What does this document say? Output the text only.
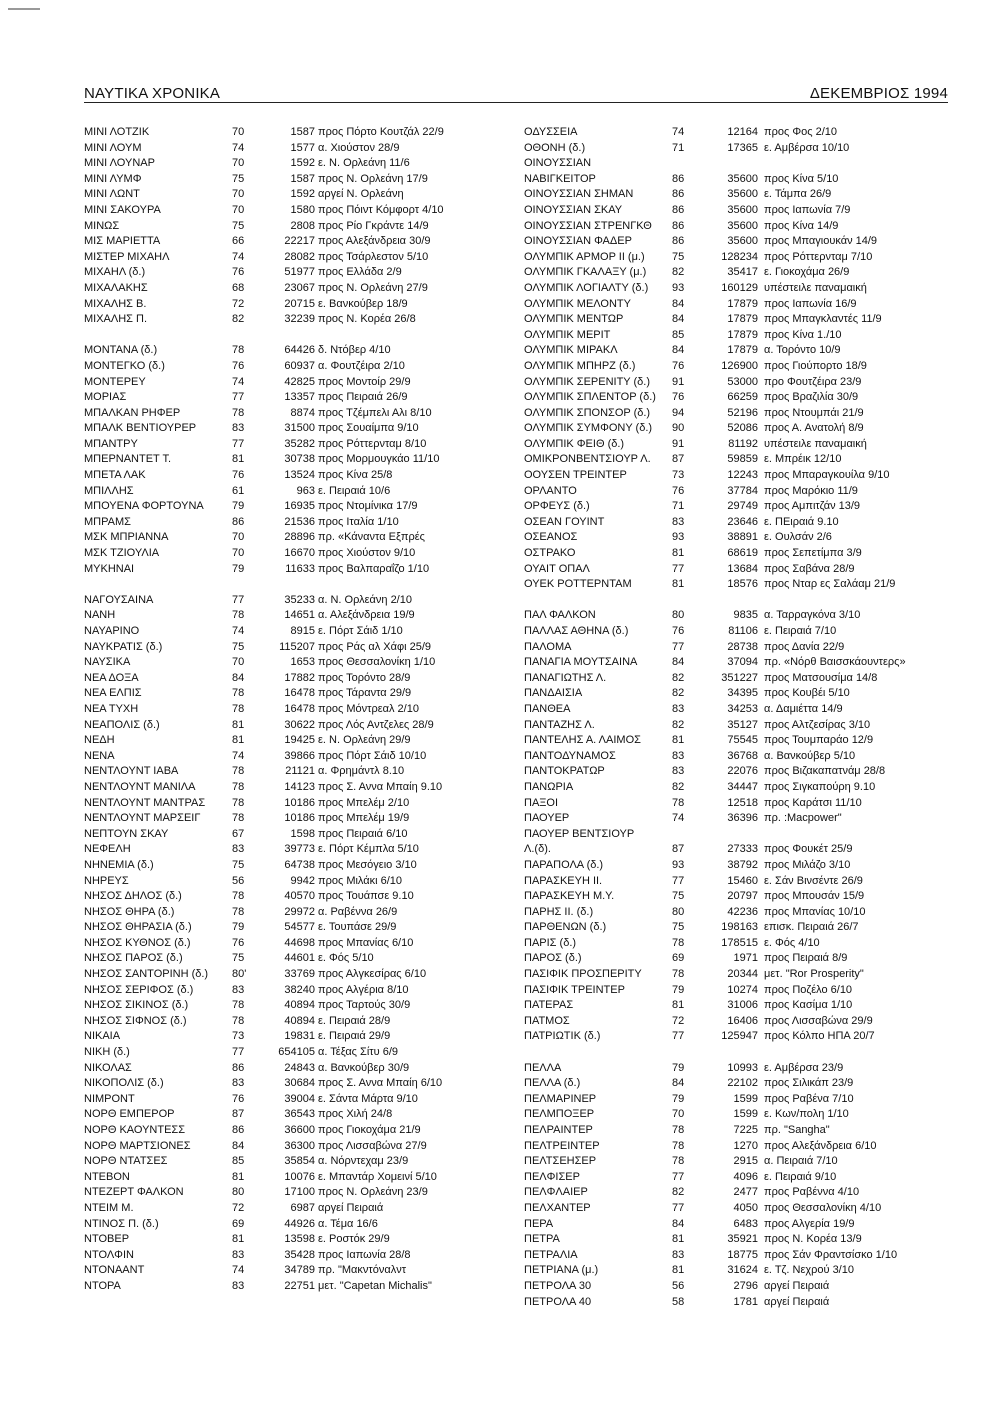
ΝΑΥΤΙΚΑ ΧΡΟΝΙΚΑ	ΔΕΚΕΜΒΡΙΟΣ 1994
ΜΙΝΙ ΛΟΤΖΙΚ	70	1587 προς Πόρτο Κουτζάλ 22/9
ΜΙΝΙ ΛΟΥΜ	74	1577 α. Χιούστον 28/9
ΜΙΝΙ ΛΟΥΝΑΡ	70	1592 ε. Ν. Ορλεάνη 11/6
ΜΙΝΙ ΛΥΜΦ	75	1587 προς Ν. Ορλεάνη 17/9
ΜΙΝΙ ΛΩΝΤ	70	1592 αργεί Ν. Ορλεάνη
ΜΙΝΙ ΣΑΚΟΥΡΑ	70	1580 προς Πόιντ Κόμφορτ 4/10
ΜΙΝΩΣ	75	2808 προς Ρίο Γκράντε 14/9
ΜΙΣ ΜΑΡΙΕΤΤΑ	66	22217 προς Αλεξάνδρεια 30/9
ΜΙΣΤΕΡ ΜΙΧΑΗΛ	74	28082 προς Τσάρλεστον 5/10
ΜΙΧΑΗΛ (δ.)	76	51977 προς Ελλάδα 2/9
ΜΙΧΑΛΑΚΗΣ	68	23067 προς Ν. Ορλεάνη 27/9
ΜΙΧΑΛΗΣ Β.	72	20715 ε. Βανκούβερ 18/9
ΜΙΧΑΛΗΣ Π.	82	32239 προς Ν. Κορέα 26/8
ΜΟΝΤΑΝΑ (δ.)	78	64426 δ. Ντόβερ 4/10
ΜΟΝΤΕΓΚΟ (δ.)	76	60937 α. Φουτζέιρα 2/10
ΜΟΝΤΕΡΕΥ	74	42825 προς Μοντοίρ 29/9
ΜΟΡΙΑΣ	77	13357 προς Πειραιά 26/9
ΜΠΑΛΚΑΝ ΡΗΦΕΡ	78	8874 προς Τζέμπελι Αλι 8/10
ΜΠΑΛΚ ΒΕΝΤΙΟΥΡΕΡ	83	31500 προς Σουαίμπα 9/10
ΜΠΑΝΤΡΥ	77	35282 προς Ρόττερνταμ 8/10
ΜΠΕΡΝΑΝΤΕΤ Τ.	81	30738 προς Μορμουγκάο 11/10
ΜΠΕΤΑ ΛΑΚ	76	13524 προς Κίνα 25/8
ΜΠΙΛΛΗΣ	61	963 ε. Πειραιά 10/6
ΜΠΟΥΕΝΑ ΦΟΡΤΟΥΝΑ	79	16935 προς Ντομίνικα 17/9
ΜΠΡΑΜΣ	86	21536 προς Ιταλία 1/10
ΜΣΚ ΜΠΡΙΑΝΝΑ	70	28896 πρ. «Κάναντα Εξπρές
ΜΣΚ ΤΖΙΟΥΛΙΑ	70	16670 προς Χιούστον 9/10
ΜΥΚΗΝΑΙ	79	11633 προς Βαλπαραΐζο 1/10
ΝΑΓΟΥΣΑΙΝΑ	77	35233 α. Ν. Ορλεάνη 2/10
ΝΑΝΗ	78	14651 α. Αλεξάνδρεια 19/9
ΝΑΥΑΡΙΝΟ	74	8915 ε. Πόρτ Σάιδ 1/10
ΝΑΥΚΡΑΤΙΣ (δ.)	75	115207 προς Ράς αλ Χάφι 25/9
ΝΑΥΣΙΚΑ	70	1653 προς Θεσσαλονίκη 1/10
ΝΕΑ ΔΟΞΑ	84	17882 προς Τορόντο 28/9
ΝΕΑ ΕΛΠΙΣ	78	16478 προς Τάραντα 29/9
ΝΕΑ ΤΥΧΗ	78	16478 προς Μόντρεαλ 2/10
ΝΕΑΠΟΛΙΣ (δ.)	81	30622 προς Λός Αντζελες 28/9
ΝΕΔΗ	81	19425 ε. Ν. Ορλεάνη 29/9
ΝΕΝΑ	74	39866 προς Πόρτ Σάιδ 10/10
ΝΕΝΤΛΟΥΝΤ ΙΑΒΑ	78	21121 α. Φρημάντλ 8.10
ΝΕΝΤΛΟΥΝΤ ΜΑΝΙΛΑ	78	14123 προς Σ. Αννα Μπαίη 9.10
ΝΕΝΤΛΟΥΝΤ ΜΑΝΤΡΑΣ 78	10186 προς Μπελέμ 2/10
ΝΕΝΤΛΟΥΝΤ ΜΑΡΣΕΙΓ	78	10186 προς Μπελέμ 19/9
ΝΕΠΤΟΥΝ ΣΚΑΥ	67	1598 προς Πειραιά 6/10
ΝΕΦΕΛΗ	83	39773 ε. Πόρτ Κέμπλα 5/10
ΝΗΝΕΜΙΑ (δ.)	75	64738 προς Μεσόγειο 3/10
ΝΗΡΕΥΣ	56	9942 προς Μιλάκι 6/10
ΝΗΣΟΣ ΔΗΛΟΣ (δ.)	78	40570 προς Τουάπσε 9.10
ΝΗΣΟΣ ΘΗΡΑ (δ.)	78	29972 α. Ραβέννα 26/9
ΝΗΣΟΣ ΘΗΡΑΣΙΑ (δ.)	79	54577 ε. Τουπάσε 29/9
ΝΗΣΟΣ ΚΥΘΝΟΣ (δ.)	76	44698 προς Μπανίας 6/10
ΝΗΣΟΣ ΠΑΡΟΣ (δ.)	75	44601 ε. Φός 5/10
ΝΗΣΟΣ ΣΑΝΤΟΡΙΝΗ (δ.) 80'	33769 προς Αλγκεσίρας 6/10
ΝΗΣΟΣ ΣΕΡΙΦΟΣ (δ.)	83	38240 προς Αλγέρια 8/10
ΝΗΣΟΣ ΣΙΚΙΝΟΣ (δ.)	78	40894 προς Ταρτούς 30/9
ΝΗΣΟΣ ΣΙΦΝΟΣ (δ.)	78	40894 ε. Πειραιά 28/9
ΝΙΚΑΙΑ	73	19831 ε. Πειραιά 29/9
ΝΙΚΗ (δ.)	77	654105 α. Τέξας Σίτυ 6/9
ΝΙΚΟΛΑΣ	86	24843 α. Βανκούβερ 30/9
ΝΙΚΟΠΟΛΙΣ (δ.)	83	30684 προς Σ. Αννα Μπαίη 6/10
ΝΙΜΡΟΝΤ	76	39004 ε. Σάντα Μάρτα 9/10
ΝΟΡΘ ΕΜΠΕΡΟΡ	87	36543 προς Χιλή 24/8
ΝΟΡΘ ΚΑΟΥΝΤΕΣΣ	86	36600 προς Γιοκοχάμα 21/9
ΝΟΡΘ ΜΑΡΤΣΙΟΝΕΣ	84	36300 προς Λισσαβώνα 27/9
ΝΟΡΘ ΝΤΑΤΣΕΣ	85	35854 α. Νόρντεχαμ 23/9
ΝΤΕΒΟΝ	81	10076 ε. Μπαντάρ Χομεινί 5/10
ΝΤΕΖΕΡΤ ΦΑΛΚΟΝ	80	17100 προς Ν. Ορλεάνη 23/9
ΝΤΕΙΜ Μ.	72	6987 αργεί Πειραιά
ΝΤΙΝΟΣ Π. (δ.)	69	44926 α. Τέμα 16/6
ΝΤΟΒΕΡ	81	13598 ε. Ροστόκ 29/9
ΝΤΟΛΦΙΝ	83	35428 προς Ιαπωνία 28/8
ΝΤΟΝΑΑΝΤ	74	34789 πρ. "Μακντόναλντ
ΝΤΟΡΑ	83	22751 μετ. "Capetan Michalis"
ΟΔΥΣΣΕΙΑ	74	12164 προς Φος 2/10
ΟΘΟΝΗ (δ.)	71	17365 ε. Αμβέρσα 10/10
ΟΙΝΟΥΣΣΙΑΝ
ΝΑΒΙΓΚΕΙΤΟΡ	86	35600 προς Κίνα 5/10
ΟΙΝΟΥΣΣΙΑΝ ΣΗΜΑΝ	86	35600 ε. Τάμπα 26/9
ΟΙΝΟΥΣΣΙΑΝ ΣΚΑΥ	86	35600 προς Ιαπωνία 7/9
ΟΙΝΟΥΣΣΙΑΝ ΣΤΡΕΝΓΚΘ 86	35600 προς Κίνα 14/9
ΟΙΝΟΥΣΣΙΑΝ ΦΑΔΕΡ	86	35600 προς Μπαγιουκάν 14/9
ΟΛΥΜΠΙΚ ΑΡΜΟΡ ΙΙ (μ.) 75	128234 προς Ρόττερνταμ 7/10
ΟΛΥΜΠΙΚ ΓΚΑΛΑΞΥ (μ.) 82	35417 ε. Γιοκοχάμα 26/9
ΟΛΥΜΠΙΚ ΛΟΓΙΑΛΤΥ (δ.) 93	160129 υπέστειλε παναμαική
ΟΛΥΜΠΙΚ ΜΕΛΟΝΤΥ	84	17879 προς Ιαπωνία 16/9
ΟΛΥΜΠΙΚ ΜΕΝΤΩΡ	84	17879 προς Μπαγκλαντές 11/9
ΟΛΥΜΠΙΚ ΜΕΡΙΤ	85	17879 προς Κίνα 1./10
ΟΛΥΜΠΙΚ ΜΙΡΑΚΛ	84	17879 α. Τορόντο 10/9
ΟΛΥΜΠΙΚ ΜΠΗΡΖ (δ.)	76	126900 προς Γιούπορτο 18/9
ΟΛΥΜΠΙΚ ΣΕΡΕΝΙΤΥ (δ.) 91	53000 προ Φουτζέιρα 23/9
ΟΛΥΜΠΙΚ ΣΠΛΕΝΤΟΡ (δ.) 76	66259 προς Βραζιλία 30/9
ΟΛΥΜΠΙΚ ΣΠΟΝΣΟΡ (δ.) 94	52196 προς Ντουμπάι 21/9
ΟΛΥΜΠΙΚ ΣΥΜΦΟΝΥ (δ.) 90	52086 προς Α. Ανατολή 8/9
ΟΛΥΜΠΙΚ ΦΕΙΘ (δ.)	91	81192 υπέστειλε παναμαική
ΟΜΙΚΡΟΝΒΕΝΤΣΙΟΥΡ Λ. 87	59859 ε. Μπρέικ 12/10
ΟΟΥΣΕΝ ΤΡΕΙΝΤΕΡ	73	12243 προς Μπαραγκουίλα 9/10
ΟΡΛΑΝΤΟ	76	37784 προς Μαρόκιο 11/9
ΟΡΦΕΥΣ (δ.)	71	29749 προς Αμπιτζάν 13/9
ΟΣΕΑΝ ΓΟΥΙΝΤ	83	23646 ε. ΠΕιραιά 9.10
ΟΣΕΑΝΟΣ	93	38891 ε. Ουλσάν 2/6
ΟΣΤΡΑΚΟ	81	68619 προς Σεπετίμπα 3/9
ΟΥΑΙΤ ΟΠΑΛ	77	13684 προς Σαβάνα 28/9
ΟΥΕΚ ΡΟΤΤΕΡΝΤΑΜ	81	18576 προς Νταρ ες Σαλάαμ 21/9
ΠΑΛ ΦΑΛΚΟΝ	80	9835 α. Ταρραγκόνα 3/10
ΠΑΛΛΑΣ ΑΘΗΝΑ (δ.)	76	81106 ε. Πειραιά 7/10
ΠΑΛΟΜΑ	77	28738 προς Δανία 22/9
ΠΑΝΑΓΙΑ ΜΟΥΤΣΑΙΝΑ	84	37094 πρ. «Νόρθ Βαισσκάουντερς»
ΠΑΝΑΓΙΩΤΗΣ Λ.	82	351227 προς Ματσουσίμα 14/8
ΠΑΝΔΑΙΣΙΑ	82	34395 προς Κουβέι 5/10
ΠΑΝΘΕΑ	83	34253 α. Δαμιέττα 14/9
ΠΑΝΤΑΖΗΣ Λ.	82	35127 προς Αλτζεσίρας 3/10
ΠΑΝΤΕΛΗΣ Α. ΛΑΙΜΟΣ	81	75545 προς Τουμπαράο 12/9
ΠΑΝΤΟΔΥΝΑΜΟΣ	83	36768 α. Βανκούβερ 5/10
ΠΑΝΤΟΚΡΑΤΩΡ	83	22076 προς Βιζακαπατνάμ 28/8
ΠΑΝΩΡΙΑ	82	34447 προς Σιγκαπούρη 9.10
ΠΑΞΟΙ	78	12518 προς Καράτσι 11/10
ΠΑΟΥΕΡ	74	36396 πρ. :Macpower"
ΠΑΟΥΕΡ ΒΕΝΤΣΙΟΥΡ
Λ.(δ).	87	27333 προς Φουκέτ 25/9
ΠΑΡΑΠΟΛΑ (δ.)	93	38792 προς Μιλάζο 3/10
ΠΑΡΑΣΚΕΥΗ ΙΙ.	77	15460 ε. Σάν Βινσέντε 26/9
ΠΑΡΑΣΚΕΥΗ Μ.Υ.	75	20797 προς Μπουσάν 15/9
ΠΑΡΗΣ ΙΙ. (δ.)	80	42236 προς Μπανίας 10/10
ΠΑΡΘΕΝΩΝ (δ.)	75	198163 επισκ. Πειραιά 26/7
ΠΑΡΙΣ (δ.)	78	178515 ε. Φός 4/10
ΠΑΡΟΣ (δ.)	69	1971 προς Πειραιά 8/9
ΠΑΣΙΦΙΚ ΠΡΟΣΠΕΡΙΤΥ	78	20344 μετ. "Ror Prosperity"
ΠΑΣΙΦΙΚ ΤΡΕΙΝΤΕΡ	79	10274 προς Ποζέλο 6/10
ΠΑΤΕΡΑΣ	81	31006 προς Κασίμα 1/10
ΠΑΤΜΟΣ	72	16406 προς Λισσαβώνα 29/9
ΠΑΤΡΙΩΤΙΚ (δ.)	77	125947 προς Κόλπο ΗΠΑ 20/7
ΠΕΛΛΑ	79	10993 ε. Αμβέρσα 23/9
ΠΕΛΛΑ (δ.)	84	22102 προς Σιλικάπ 23/9
ΠΕΛΜΑΡΙΝΕΡ	79	1599 προς Ραβένα 7/10
ΠΕΛΜΠΟΞΕΡ	70	1599 ε. Κων/πολη 1/10
ΠΕΛΡΑΙΝΤΕΡ	78	7225 πρ. "Sangha"
ΠΕΛΤΡΕΙΝΤΕΡ	78	1270 προς Αλεξάνδρεια 6/10
ΠΕΛΤΣΕΗΣΕΡ	78	2915 α. Πειραιά 7/10
ΠΕΛΦΙΣΕΡ	77	4096 ε. Πειραιά 9/10
ΠΕΛΦΛΑΙΕΡ	82	2477 προς Ραβέννα 4/10
ΠΕΛΧΑΝΤΕΡ	77	4050 προς Θεσσαλονίκη 4/10
ΠΕΡΑ	84	6483 προς Αλγερία 19/9
ΠΕΤΡΑ	81	35921 προς Ν. Κορέα 13/9
ΠΕΤΡΑΛΙΑ	83	18775 προς Σάν Φραντσίσκο 1/10
ΠΕΤΡΙΑΝΑ (μ.)	81	31624 ε. Τζ. Νεχρού 3/10
ΠΕΤΡΟΛΑ 30	56	2796 αργεί Πειραιά
ΠΕΤΡΟΛΑ 40	58	1781 αργεί Πειραιά
